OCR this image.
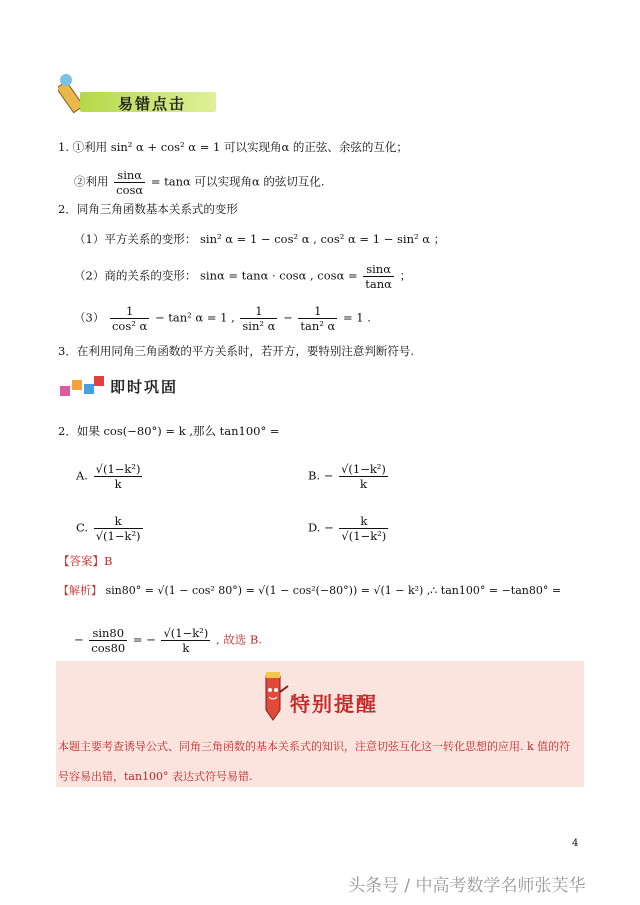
易错点击
1. ①利用 sin² α + cos² α = 1 可以实现角α 的正弦、余弦的互化；
②利用 $\frac{\sin\alpha}{\cos\alpha} = \tan\alpha$ 可以实现角α 的弦切互化.
2．同角三角函数基本关系式的变形
（1）平方关系的变形： sin² α = 1 − cos² α , cos² α = 1 − sin² α ；
（2）商的关系的变形： sinα = tanα · cosα , $\cos\alpha = \frac{\sin\alpha}{\tan\alpha}$ ；
$(3) \frac{1}{\text{cos² α}} - \tan^2$ α = 1 , $\frac{1}{\text{sin² α}} - \frac{1}{\text{tan² α}} = 1$ .
3．在利用同角三角函数的平方关系时，若开方，要特别注意判断符号.
即时巩固
2．如果 cos(−80°) = k ,那么 tan100° =
A. $\frac{\text{√(1−k²)}}{k}$	B. − $\frac{\text{√(1−k²)}}{k}$
C. $\frac{k}{\text{√(1−k²)}}$	D. − $\frac{k}{\text{√(1−k²)}}$
【答案】B
【解析】 sin80° = √(1 − cos² 80°) = √(1 − cos²(−80°)) = √(1 − k²) ,∴ tan100° = −tan80° =
− $\frac{\sin 80}{\cos 80}$ = − $\frac{\text{√(1−k²)}}{k}$ , 故选 B.
特别提醒
本题主要考查诱导公式、同角三角函数的基本关系式的知识，注意切弦互化这一转化思想的应用. k 值的符
号容易出错，tan100° 表达式符号易错.
4
头条号 / 中高考数学名师张芙华
